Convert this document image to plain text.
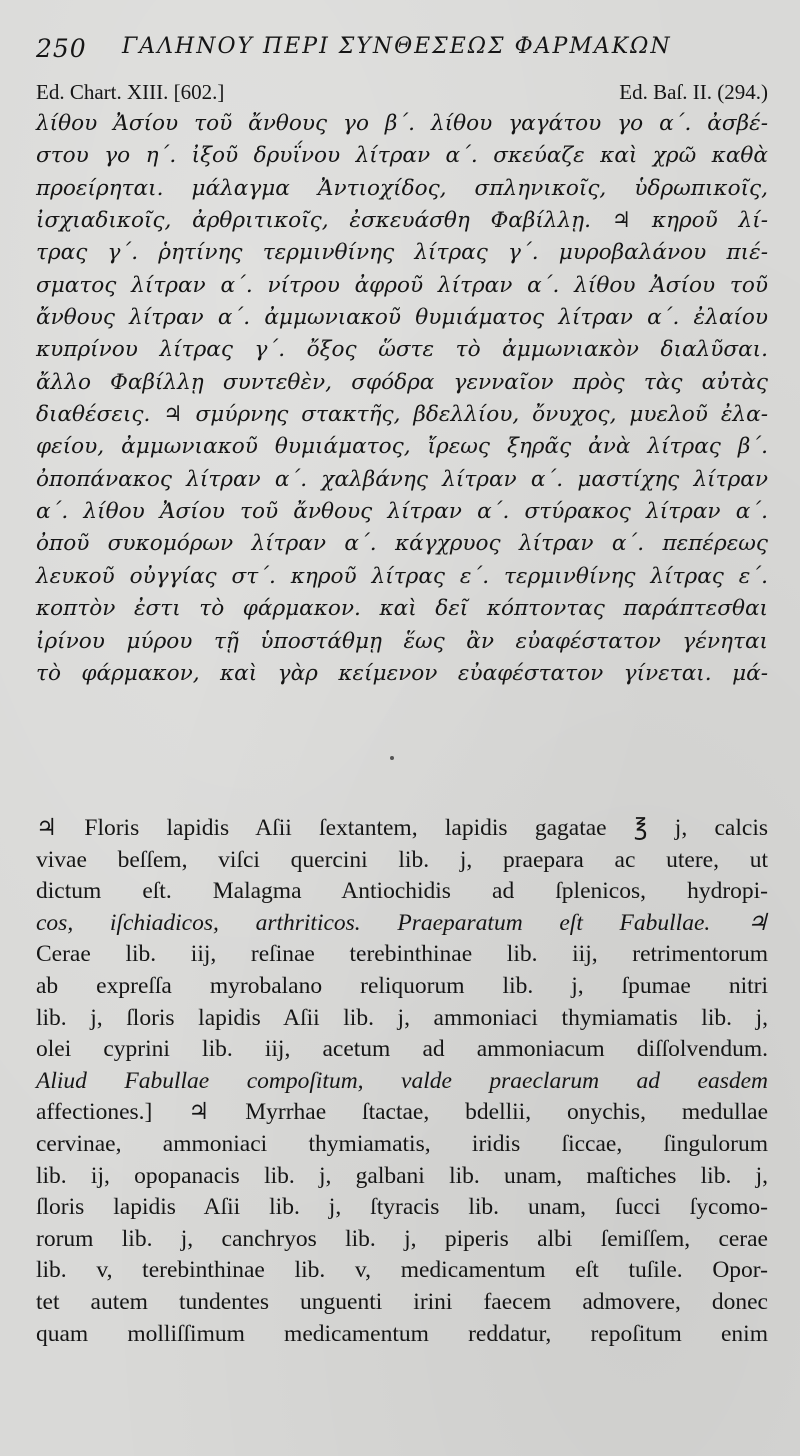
250 ΓΑΛΗΝΟΥ ΠΕΡΙ ΣΥΝΘΕΣΕΩΣ ΦΑΡΜΑΚΩΝ
Ed. Chart. XIII. [602.]	Ed. Baſ. II. (294.)
λίθου Ἀσίου τοῦ ἄνθους γο β΄. λίθου γαγάτου γο α΄. ἀσβέ-
στου γο η΄. ἰξοῦ δρυΐνου λίτραν α΄. σκεύαζε καὶ χρῶ καθὰ
προείρηται. μάλαγμα Ἀντιοχίδος, σπληνικοῖς, ὑδρωπικοῖς,
ἰσχιαδικοῖς, ἀρθριτικοῖς, ἐσκευάσθη Φαβίλλῃ. ♃ κηροῦ λί-
τρας γ΄. ῥητίνης τερμινθίνης λίτρας γ΄. μυροβαλάνου πιέ-
σματος λίτραν α΄. νίτρου ἀφροῦ λίτραν α΄. λίθου Ἀσίου τοῦ
ἄνθους λίτραν α΄. ἀμμωνιακοῦ θυμιάματος λίτραν α΄. ἐλαίου
κυπρίνου λίτρας γ΄. ὄξος ὥστε τὸ ἀμμωνιακὸν διαλῦσαι.
ἄλλο Φαβίλλῃ συντεθὲν, σφόδρα γενναῖον πρὸς τὰς αὐτὰς
διαθέσεις. ♃ σμύρνης στακτῆς, βδελλίου, ὄνυχος, μυελοῦ ἐλα-
φείου, ἀμμωνιακοῦ θυμιάματος, ἴρεως ξηρᾶς ἀνὰ λίτρας β΄.
ὀποπάνακος λίτραν α΄. χαλβάνης λίτραν α΄. μαστίχης λίτραν
α΄. λίθου Ἀσίου τοῦ ἄνθους λίτραν α΄. στύρακος λίτραν α΄.
ὀποῦ συκομόρων λίτραν α΄. κάγχρυος λίτραν α΄. πεπέρεως
λευκοῦ οὐγγίας στ΄. κηροῦ λίτρας ε΄. τερμινθίνης λίτρας ε΄.
κοπτὸν ἐστι τὸ φάρμακον. καὶ δεῖ κόπτοντας παράπτεσθαι
ἰρίνου μύρου τῇ ὑποστάθμῃ ἕως ἂν εὐαφέστατον γένηται
τὸ φάρμακον, καὶ γὰρ κείμενον εὐαφέστατον γίνεται. μά-
♃ Floris lapidis Aſii ſextantem, lapidis gagatae ℥ j, calcis
vivae beſſem, viſci quercini lib. j, praepara ac utere, ut
dictum eſt. Malagma Antiochidis ad ſplenicos, hydropi-
cos, iſchiadicos, arthriticos. Praeparatum eſt Fabullae. ♃
Cerae lib. iij, reſinae terebinthinae lib. iij, retrimentorum
ab expreſſa myrobalano reliquorum lib. j, ſpumae nitri
lib. j, ſloris lapidis Aſii lib. j, ammoniaci thymiamatis lib. j,
olei cyprini lib. iij, acetum ad ammoniacum diſſolvendum.
Aliud Fabullae compoſitum, valde praeclarum ad easdem
affectiones.] ♃ Myrrhae ſtactae, bdellii, onychis, medullae
cervinae, ammoniaci thymiamatis, iridis ſiccae, ſingulorum
lib. ij, opopanacis lib. j, galbani lib. unam, maſtiches lib. j,
ſloris lapidis Aſii lib. j, ſtyracis lib. unam, ſucci ſycomo-
rorum lib. j, canchryos lib. j, piperis albi ſemiſſem, cerae
lib. v, terebinthinae lib. v, medicamentum eſt tuſile. Opor-
tet autem tundentes unguenti irini faecem admovere, donec
quam molliſſimum medicamentum reddatur, repoſitum enim
